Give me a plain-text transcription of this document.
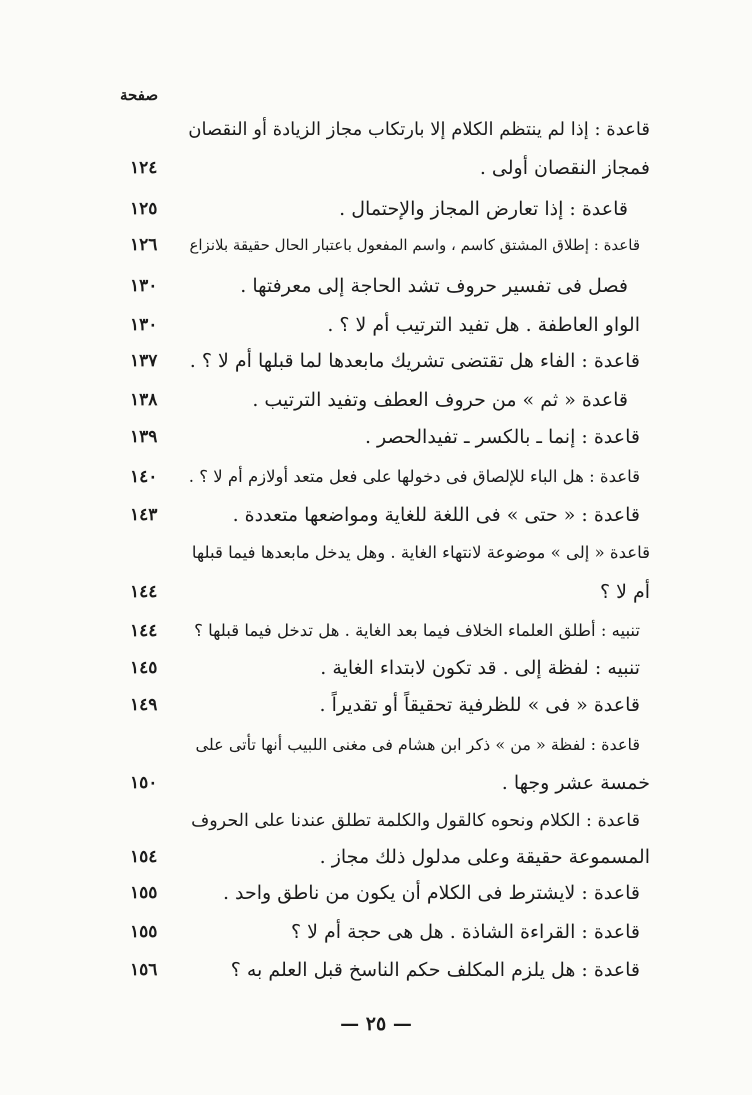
صفحة
قاعدة : إذا لم ينتظم الكلام إلا بارتكاب مجاز الزيادة أو النقصان
فمجاز النقصان أولى .
١٢٤
قاعدة : إذا تعارض المجاز والإحتمال .
١٢٥
قاعدة : إطلاق المشتق كاسم ، واسم المفعول باعتبار الحال حقيقة بلانزاع
١٢٦
فصل فى تفسير حروف تشد الحاجة إلى معرفتها .
١٣٠
الواو العاطفة . هل تفيد الترتيب أم لا ؟ .
١٣٠
قاعدة : الفاء هل تقتضى تشريك مابعدها لما قبلها أم لا ؟ .
١٣٧
قاعدة « ثم » من حروف العطف وتفيد الترتيب .
١٣٨
قاعدة : إنما ـ بالكسر ـ تفيدالحصر .
١٣٩
قاعدة : هل الباء للإلصاق فى دخولها على فعل متعد أولازم أم لا ؟ .
١٤٠
قاعدة : « حتى » فى اللغة للغاية ومواضعها متعددة .
١٤٣
قاعدة « إلى » موضوعة لانتهاء الغاية . وهل يدخل مابعدها فيما قبلها
أم لا ؟
١٤٤
تنبيه : أطلق العلماء الخلاف فيما بعد الغاية . هل تدخل فيما قبلها ؟
١٤٤
تنبيه : لفظة إلى . قد تكون لابتداء الغاية .
١٤٥
قاعدة « فى » للظرفية تحقيقاً أو تقديراً .
١٤٩
قاعدة : لفظة « من » ذكر ابن هشام فى مغنى اللبيب أنها تأتى على
خمسة عشر وجها .
١٥٠
قاعدة : الكلام ونحوه كالقول والكلمة تطلق عندنا على الحروف
المسموعة حقيقة وعلى مدلول ذلك مجاز .
١٥٤
قاعدة : لايشترط فى الكلام أن يكون من ناطق واحد .
١٥٥
قاعدة : القراءة الشاذة . هل هى حجة أم لا ؟
١٥٥
قاعدة : هل يلزم المكلف حكم الناسخ قبل العلم به ؟
١٥٦
— ٢٥ —
